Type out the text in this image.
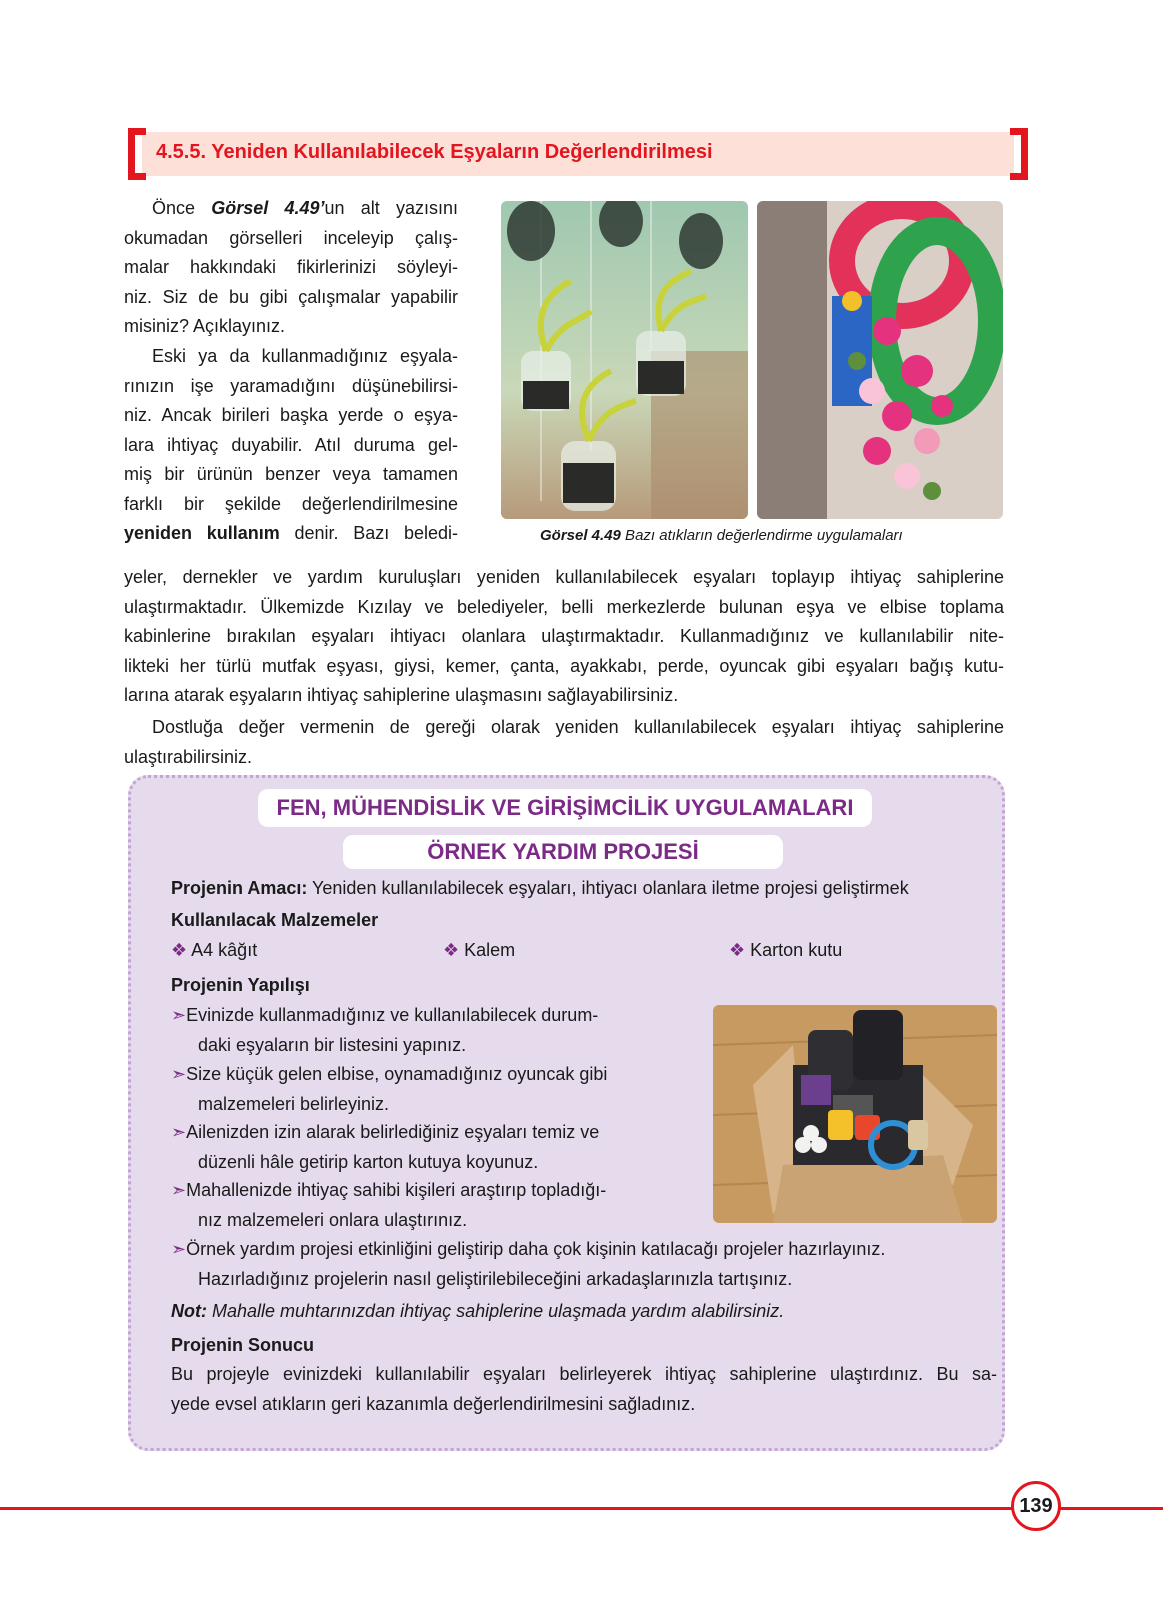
4.5.5. Yeniden Kullanılabilecek Eşyaların Değerlendirilmesi
Önce Görsel 4.49’un alt yazısını
okumadan görselleri inceleyip çalış-
malar hakkındaki fikirlerinizi söyleyi-
niz. Siz de bu gibi çalışmalar yapabilir
misiniz? Açıklayınız.
Eski ya da kullanmadığınız eşyala-
rınızın işe yaramadığını düşünebilirsi-
niz. Ancak birileri başka yerde o eşya-
lara ihtiyaç duyabilir. Atıl duruma gel-
miş bir ürünün benzer veya tamamen
farklı bir şekilde değerlendirilmesine
yeniden kullanım denir. Bazı beledi-	Görsel 4.49 Bazı atıkların değerlendirme uygulamaları
yeler, dernekler ve yardım kuruluşları yeniden kullanılabilecek eşyaları toplayıp ihtiyaç sahiplerine
ulaştırmaktadır. Ülkemizde Kızılay ve belediyeler, belli merkezlerde bulunan eşya ve elbise toplama
kabinlerine bırakılan eşyaları ihtiyacı olanlara ulaştırmaktadır. Kullanmadığınız ve kullanılabilir nite-
likteki her türlü mutfak eşyası, giysi, kemer, çanta, ayakkabı, perde, oyuncak gibi eşyaları bağış kutu-
larına atarak eşyaların ihtiyaç sahiplerine ulaşmasını sağlayabilirsiniz.
Dostluğa değer vermenin de gereği olarak yeniden kullanılabilecek eşyaları ihtiyaç sahiplerine
ulaştırabilirsiniz.
FEN, MÜHENDİSLİK VE GİRİŞİMCİLİK UYGULAMALARI
ÖRNEK YARDIM PROJESİ
Projenin Amacı: Yeniden kullanılabilecek eşyaları, ihtiyacı olanlara iletme projesi geliştirmek
Kullanılacak Malzemeler
❖ A4 kâğıt	❖ Kalem	❖ Karton kutu
Projenin Yapılışı
➣Evinizde kullanmadığınız ve kullanılabilecek durum-
daki eşyaların bir listesini yapınız.
➣Size küçük gelen elbise, oynamadığınız oyuncak gibi
malzemeleri belirleyiniz.
➣Ailenizden izin alarak belirlediğiniz eşyaları temiz ve
düzenli hâle getirip karton kutuya koyunuz.
➣Mahallenizde ihtiyaç sahibi kişileri araştırıp topladığı-
nız malzemeleri onlara ulaştırınız.
➣Örnek yardım projesi etkinliğini geliştirip daha çok kişinin katılacağı projeler hazırlayınız.
Hazırladığınız projelerin nasıl geliştirilebileceğini arkadaşlarınızla tartışınız.
Not: Mahalle muhtarınızdan ihtiyaç sahiplerine ulaşmada yardım alabilirsiniz.
Projenin Sonucu
Bu projeyle evinizdeki kullanılabilir eşyaları belirleyerek ihtiyaç sahiplerine ulaştırdınız. Bu sa-
yede evsel atıkların geri kazanımla değerlendirilmesini sağladınız.
139
